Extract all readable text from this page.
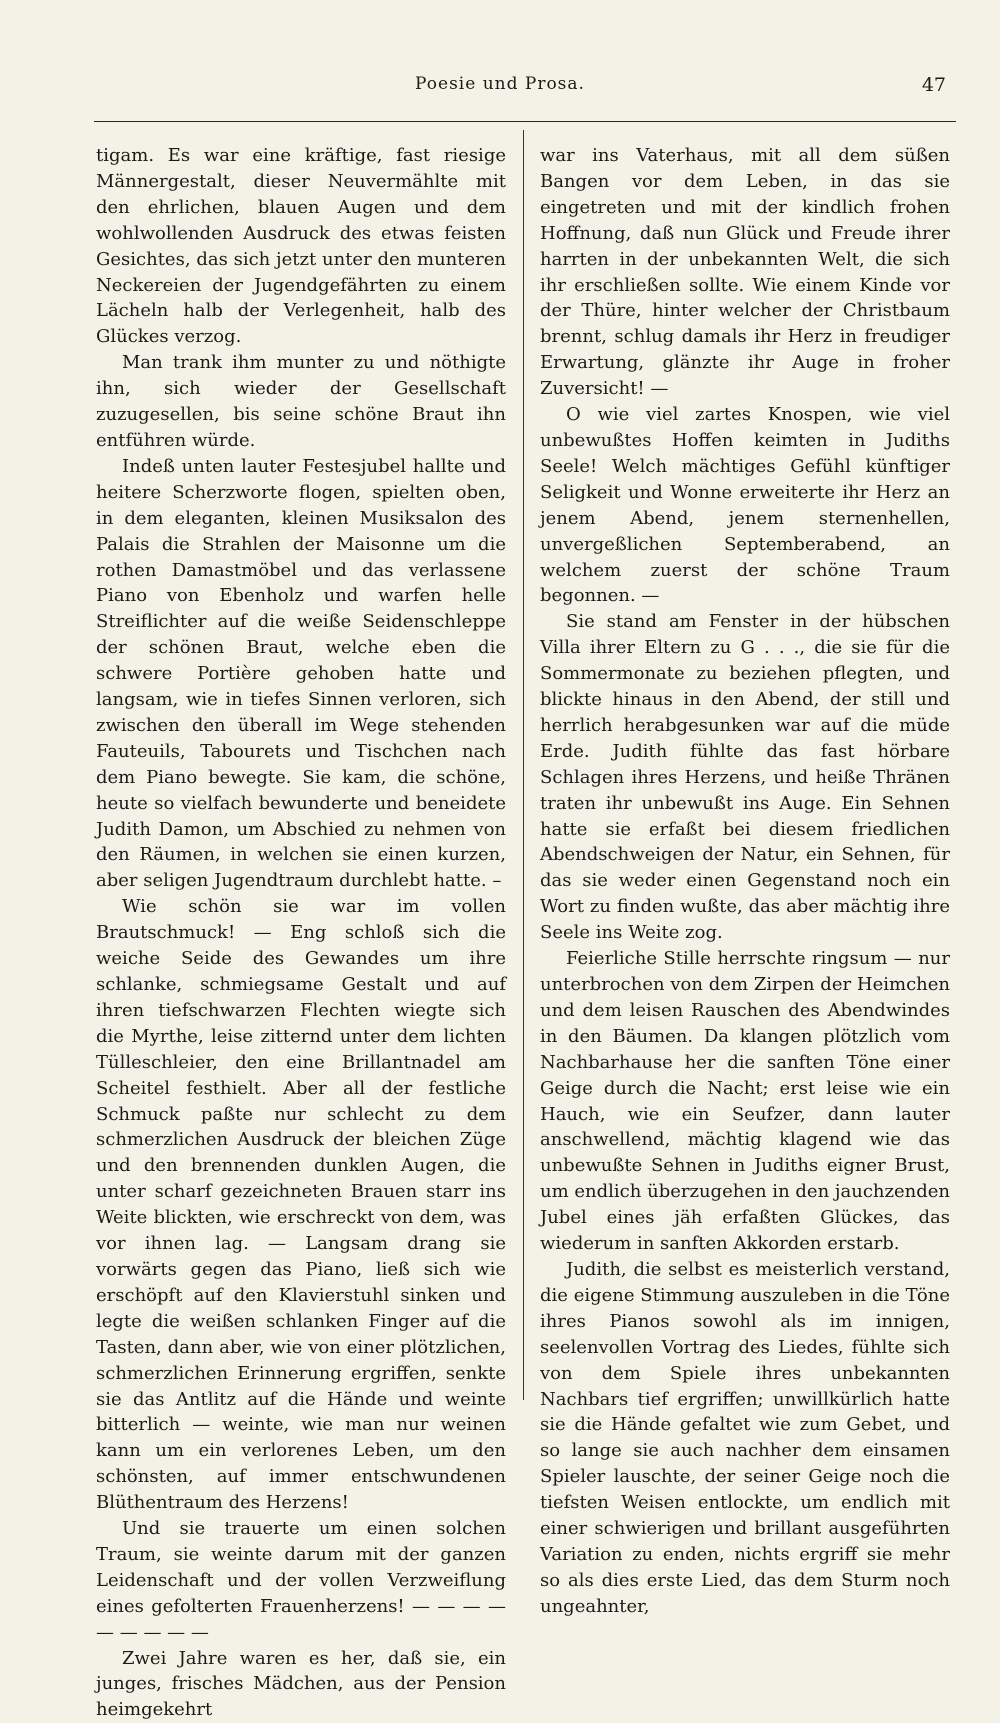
Poesie und Prosa.	47

tigam. Es war eine kräftige, fast riesige Männergestalt, dieser Neuvermählte mit den ehrlichen, blauen Augen und dem wohlwollenden Ausdruck des etwas feisten Gesichtes, das sich jetzt unter den munteren Neckereien der Jugendgefährten zu einem Lächeln halb der Verlegenheit, halb des Glückes verzog.

Man trank ihm munter zu und nöthigte ihn, sich wieder der Gesellschaft zuzugesellen, bis seine schöne Braut ihn entführen würde.

Indeß unten lauter Festesjubel hallte und heitere Scherzworte flogen, spielten oben, in dem eleganten, kleinen Musiksalon des Palais die Strahlen der Maisonne um die rothen Damastmöbel und das verlassene Piano von Ebenholz und warfen helle Streiflichter auf die weiße Seidenschleppe der schönen Braut, welche eben die schwere Portière gehoben hatte und langsam, wie in tiefes Sinnen verloren, sich zwischen den überall im Wege stehenden Fauteuils, Tabourets und Tischchen nach dem Piano bewegte. Sie kam, die schöne, heute so vielfach bewunderte und beneidete Judith Damon, um Abschied zu nehmen von den Räumen, in welchen sie einen kurzen, aber seligen Jugendtraum durchlebt hatte. –

Wie schön sie war im vollen Brautschmuck! — Eng schloß sich die weiche Seide des Gewandes um ihre schlanke, schmiegsame Gestalt und auf ihren tiefschwarzen Flechten wiegte sich die Myrthe, leise zitternd unter dem lichten Tülleschleier, den eine Brillantnadel am Scheitel festhielt. Aber all der festliche Schmuck paßte nur schlecht zu dem schmerzlichen Ausdruck der bleichen Züge und den brennenden dunklen Augen, die unter scharf gezeichneten Brauen starr ins Weite blickten, wie erschreckt von dem, was vor ihnen lag. — Langsam drang sie vorwärts gegen das Piano, ließ sich wie erschöpft auf den Klavierstuhl sinken und legte die weißen schlanken Finger auf die Tasten, dann aber, wie von einer plötzlichen, schmerzlichen Erinnerung ergriffen, senkte sie das Antlitz auf die Hände und weinte bitterlich — weinte, wie man nur weinen kann um ein verlorenes Leben, um den schönsten, auf immer entschwundenen Blüthentraum des Herzens!

Und sie trauerte um einen solchen Traum, sie weinte darum mit der ganzen Leidenschaft und der vollen Verzweiflung eines gefolterten Frauenherzens! — — — — — — — — —

Zwei Jahre waren es her, daß sie, ein junges, frisches Mädchen, aus der Pension heimgekehrt

war ins Vaterhaus, mit all dem süßen Bangen vor dem Leben, in das sie eingetreten und mit der kindlich frohen Hoffnung, daß nun Glück und Freude ihrer harrten in der unbekannten Welt, die sich ihr erschließen sollte. Wie einem Kinde vor der Thüre, hinter welcher der Christbaum brennt, schlug damals ihr Herz in freudiger Erwartung, glänzte ihr Auge in froher Zuversicht! —

O wie viel zartes Knospen, wie viel unbewußtes Hoffen keimten in Judiths Seele! Welch mächtiges Gefühl künftiger Seligkeit und Wonne erweiterte ihr Herz an jenem Abend, jenem sternenhellen, unvergeßlichen Septemberabend, an welchem zuerst der schöne Traum begonnen. —

Sie stand am Fenster in der hübschen Villa ihrer Eltern zu G . . ., die sie für die Sommermonate zu beziehen pflegten, und blickte hinaus in den Abend, der still und herrlich herabgesunken war auf die müde Erde. Judith fühlte das fast hörbare Schlagen ihres Herzens, und heiße Thränen traten ihr unbewußt ins Auge. Ein Sehnen hatte sie erfaßt bei diesem friedlichen Abendschweigen der Natur, ein Sehnen, für das sie weder einen Gegenstand noch ein Wort zu finden wußte, das aber mächtig ihre Seele ins Weite zog.

Feierliche Stille herrschte ringsum — nur unterbrochen von dem Zirpen der Heimchen und dem leisen Rauschen des Abendwindes in den Bäumen. Da klangen plötzlich vom Nachbarhause her die sanften Töne einer Geige durch die Nacht; erst leise wie ein Hauch, wie ein Seufzer, dann lauter anschwellend, mächtig klagend wie das unbewußte Sehnen in Judiths eigner Brust, um endlich überzugehen in den jauchzenden Jubel eines jäh erfaßten Glückes, das wiederum in sanften Akkorden erstarb.

Judith, die selbst es meisterlich verstand, die eigene Stimmung auszuleben in die Töne ihres Pianos sowohl als im innigen, seelenvollen Vortrag des Liedes, fühlte sich von dem Spiele ihres unbekannten Nachbars tief ergriffen; unwillkürlich hatte sie die Hände gefaltet wie zum Gebet, und so lange sie auch nachher dem einsamen Spieler lauschte, der seiner Geige noch die tiefsten Weisen entlockte, um endlich mit einer schwierigen und brillant ausgeführten Variation zu enden, nichts ergriff sie mehr so als dies erste Lied, das dem Sturm noch ungeahnter,
